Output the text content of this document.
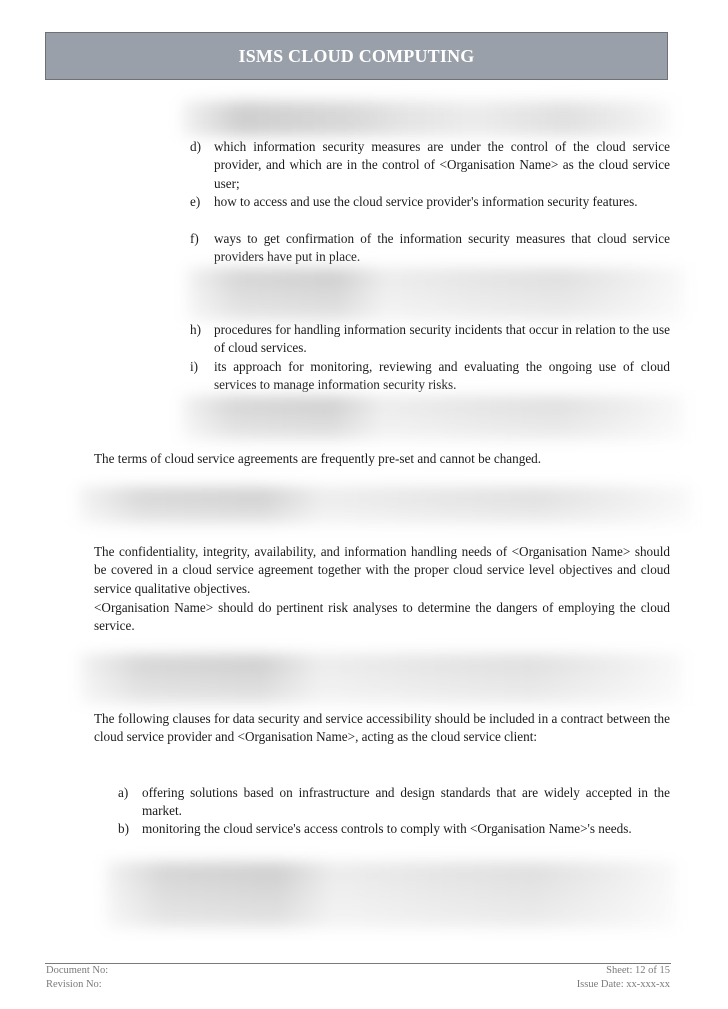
ISMS CLOUD COMPUTING
d) which information security measures are under the control of the cloud service provider, and which are in the control of <Organisation Name> as the cloud service user;
e)	how to access and use the cloud service provider's information security features.
f)	ways to get confirmation of the information security measures that cloud service providers have put in place.
h) procedures for handling information security incidents that occur in relation to the use of cloud services.
i)	its approach for monitoring, reviewing and evaluating the ongoing use of cloud services to manage information security risks.
The terms of cloud service agreements are frequently pre-set and cannot be changed.
The confidentiality, integrity, availability, and information handling needs of <Organisation Name> should be covered in a cloud service agreement together with the proper cloud service level objectives and cloud service qualitative objectives.
<Organisation Name> should do pertinent risk analyses to determine the dangers of employing the cloud service.
The following clauses for data security and service accessibility should be included in a contract between the cloud service provider and <Organisation Name>, acting as the cloud service client:
a)	offering solutions based on infrastructure and design standards that are widely accepted in the market.
b) monitoring the cloud service's access controls to comply with <Organisation Name>'s needs.
Document No:
Revision No:
Sheet: 12 of 15
Issue Date: xx-xxx-xx
